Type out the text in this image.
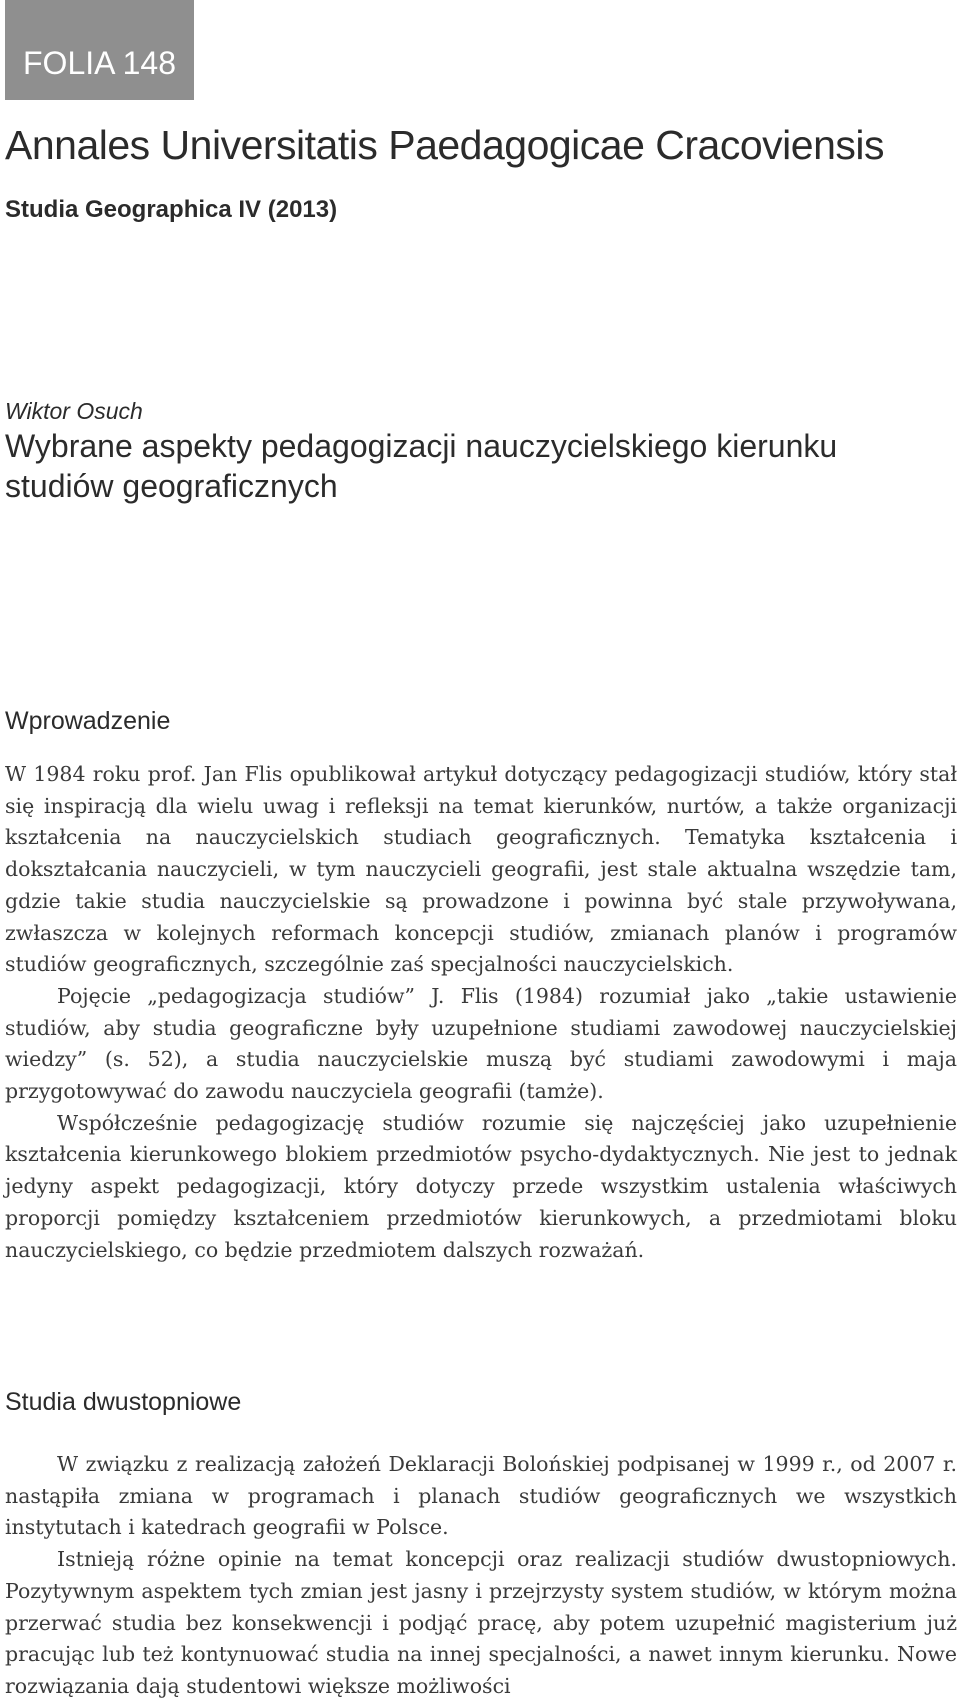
FOLIA 148
Annales Universitatis Paedagogicae Cracoviensis
Studia Geographica IV (2013)
Wiktor Osuch
Wybrane aspekty pedagogizacji nauczycielskiego kierunku studiów geograficznych
Wprowadzenie

W 1984 roku prof. Jan Flis opublikował artykuł dotyczący pedagogizacji studiów, który stał się inspiracją dla wielu uwag i refleksji na temat kierunków, nurtów, a także organizacji kształcenia na nauczycielskich studiach geograficznych. Tematyka kształcenia i dokształcania nauczycieli, w tym nauczycieli geografii, jest stale aktualna wszędzie tam, gdzie takie studia nauczycielskie są prowadzone i powinna być stale przywoływana, zwłaszcza w kolejnych reformach koncepcji studiów, zmianach planów i programów studiów geograficznych, szczególnie zaś specjalności nauczycielskich.

Pojęcie „pedagogizacja studiów” J. Flis (1984) rozumiał jako „takie ustawienie studiów, aby studia geograficzne były uzupełnione studiami zawodowej nauczycielskiej wiedzy” (s. 52), a studia nauczycielskie muszą być studiami zawodowymi i maja przygotowywać do zawodu nauczyciela geografii (tamże).

Współcześnie pedagogizację studiów rozumie się najczęściej jako uzupełnienie kształcenia kierunkowego blokiem przedmiotów psycho-dydaktycznych. Nie jest to jednak jedyny aspekt pedagogizacji, który dotyczy przede wszystkim ustalenia właściwych proporcji pomiędzy kształceniem przedmiotów kierunkowych, a przedmiotami bloku nauczycielskiego, co będzie przedmiotem dalszych rozważań.

Studia dwustopniowe

W związku z realizacją założeń Deklaracji Bolońskiej podpisanej w 1999 r., od 2007 r. nastąpiła zmiana w programach i planach studiów geograficznych we wszystkich instytutach i katedrach geografii w Polsce.

Istnieją różne opinie na temat koncepcji oraz realizacji studiów dwustopniowych. Pozytywnym aspektem tych zmian jest jasny i przejrzysty system studiów, w którym można przerwać studia bez konsekwencji i podjąć pracę, aby potem uzupełnić magisterium już pracując lub też kontynuować studia na innej specjalności, a nawet innym kierunku. Nowe rozwiązania dają studentowi większe możliwości
